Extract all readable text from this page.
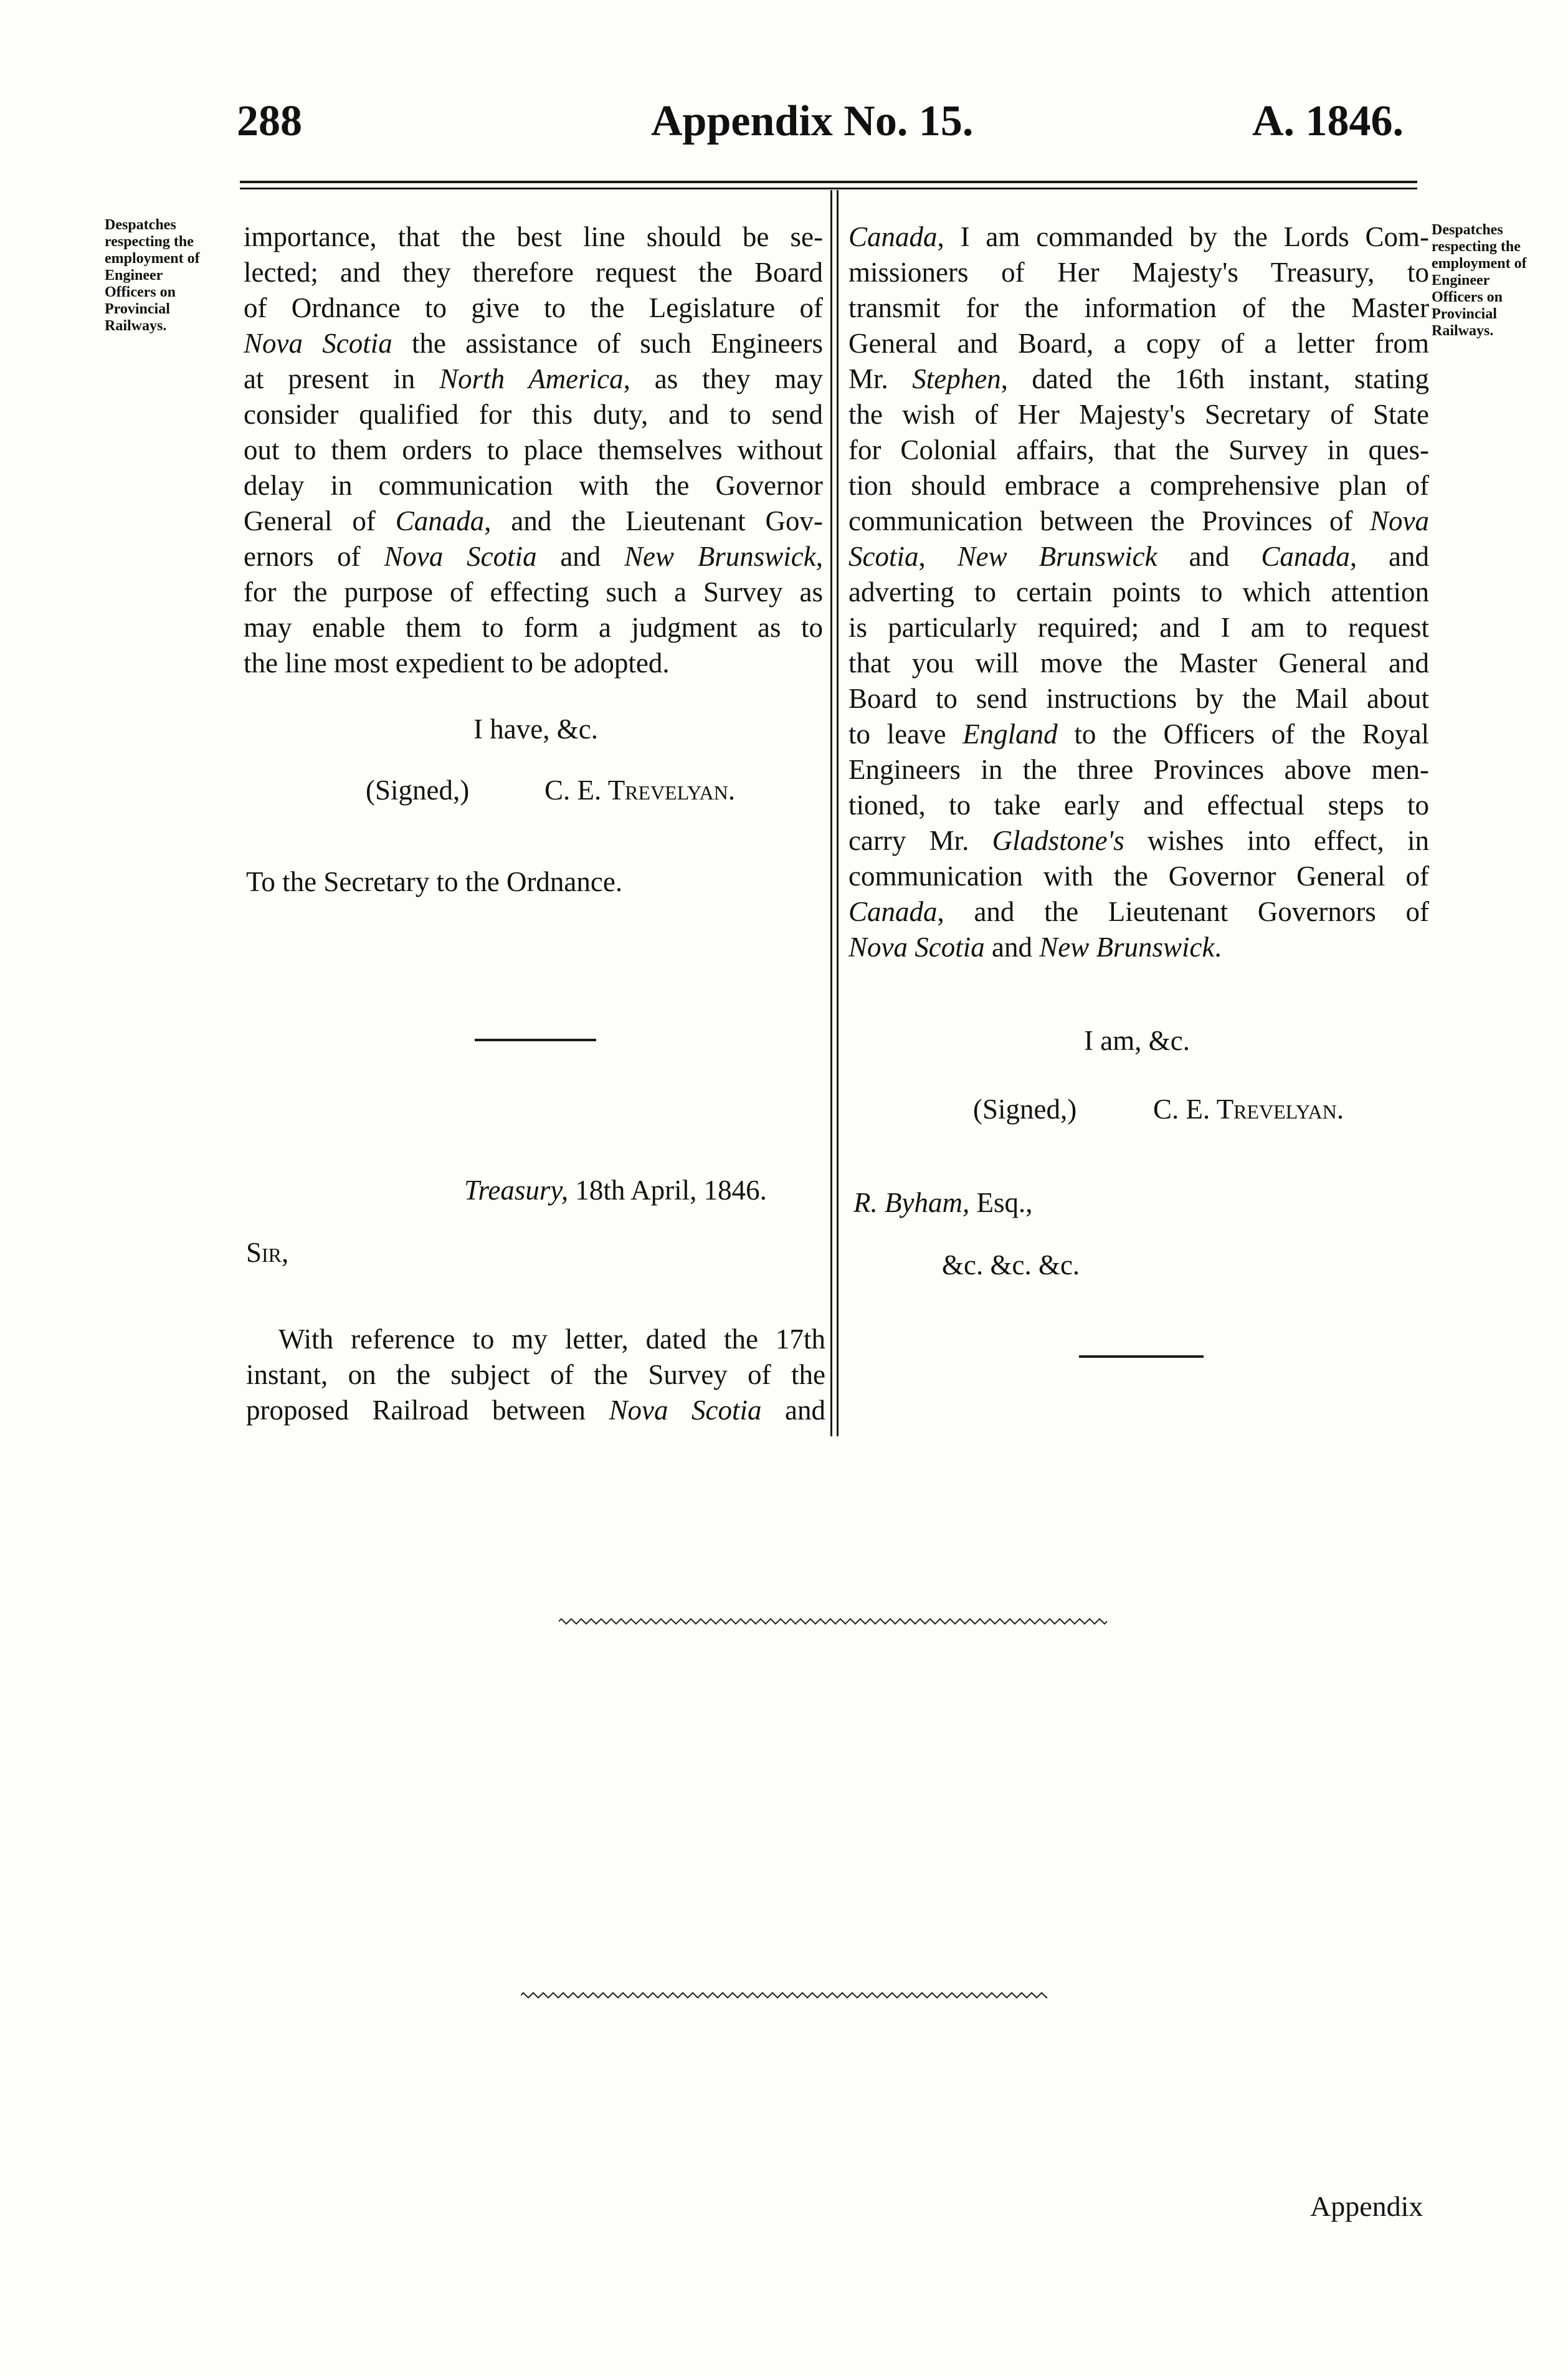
288	Appendix No. 15.	A. 1846.
Despatches
respecting the
employment of
Engineer
Officers on
Provincial
Railways.
Despatches
respecting the
employment of
Engineer
Officers on
Provincial
Railways.
importance, that the best line should be se-
lected; and they therefore request the Board
of Ordnance to give to the Legislature of
Nova Scotia the assistance of such Engineers
at present in North America, as they may
consider qualified for this duty, and to send
out to them orders to place themselves without
delay in communication with the Governor
General of Canada, and the Lieutenant Gov-
ernors of Nova Scotia and New Brunswick,
for the purpose of effecting such a Survey as
may enable them to form a judgment as to
the line most expedient to be adopted.
I have, &c.
(Signed,)	C. E. Trevelyan.
To the Secretary to the Ordnance.
Treasury, 18th April, 1846.
Sir,
With reference to my letter, dated the 17th
instant, on the subject of the Survey of the
proposed Railroad between Nova Scotia and
Canada, I am commanded by the Lords Com-
missioners of Her Majesty's Treasury, to
transmit for the information of the Master
General and Board, a copy of a letter from
Mr. Stephen, dated the 16th instant, stating
the wish of Her Majesty's Secretary of State
for Colonial affairs, that the Survey in ques-
tion should embrace a comprehensive plan of
communication between the Provinces of Nova
Scotia, New Brunswick and Canada, and
adverting to certain points to which attention
is particularly required; and I am to request
that you will move the Master General and
Board to send instructions by the Mail about
to leave England to the Officers of the Royal
Engineers in the three Provinces above men-
tioned, to take early and effectual steps to
carry Mr. Gladstone's wishes into effect, in
communication with the Governor General of
Canada, and the Lieutenant Governors of
Nova Scotia and New Brunswick.
I am, &c.
(Signed,)	C. E. Trevelyan.
R. Byham, Esq.,
&c. &c. &c.
Appendix
